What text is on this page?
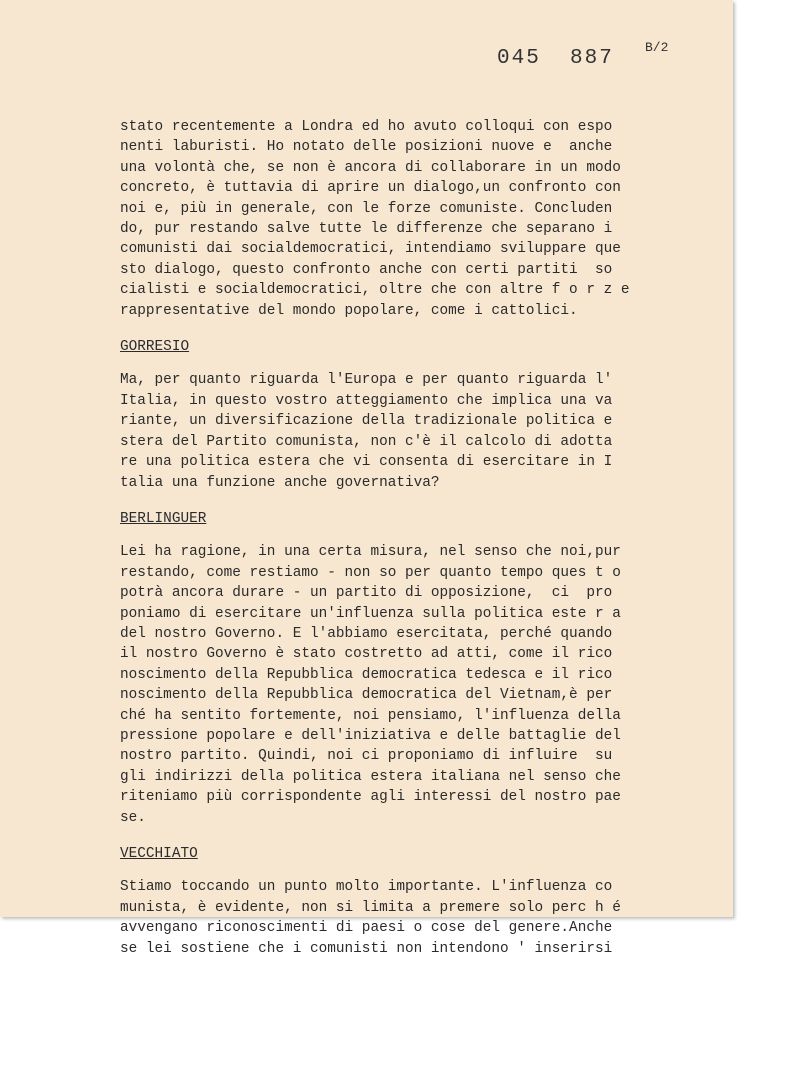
045  887 B/2
stato recentemente a Londra ed ho avuto colloqui con espo
nenti laburisti. Ho notato delle posizioni nuove e  anche
una volontà che, se non è ancora di collaborare in un modo
concreto, è tuttavia di aprire un dialogo,un confronto con
noi e, più in generale, con le forze comuniste. Concluden
do, pur restando salve tutte le differenze che separano i
comunisti dai socialdemocratici, intendiamo sviluppare que
sto dialogo, questo confronto anche con certi partiti  so
cialisti e socialdemocratici, oltre che con altre f o r z e
rappresentative del mondo popolare, come i cattolici.
GORRESIO
Ma, per quanto riguarda l'Europa e per quanto riguarda l'
Italia, in questo vostro atteggiamento che implica una va
riante, un diversificazione della tradizionale politica e
stera del Partito comunista, non c'è il calcolo di adotta
re una politica estera che vi consenta di esercitare in I
talia una funzione anche governativa?
BERLINGUER
Lei ha ragione, in una certa misura, nel senso che noi,pur
restando, come restiamo - non so per quanto tempo ques t o
potrà ancora durare - un partito di opposizione,  ci  pro
poniamo di esercitare un'influenza sulla politica este r a
del nostro Governo. E l'abbiamo esercitata, perché quando
il nostro Governo è stato costretto ad atti, come il rico
noscimento della Repubblica democratica tedesca e il rico
noscimento della Repubblica democratica del Vietnam,è per
ché ha sentito fortemente, noi pensiamo, l'influenza della
pressione popolare e dell'iniziativa e delle battaglie del
nostro partito. Quindi, noi ci proponiamo di influire  su
gli indirizzi della politica estera italiana nel senso che
riteniamo più corrispondente agli interessi del nostro pae
se.
VECCHIATO
Stiamo toccando un punto molto importante. L'influenza co
munista, è evidente, non si limita a premere solo perc h é
avvengano riconoscimenti di paesi o cose del genere.Anche
se lei sostiene che i comunisti non intendono ' inserirsi
